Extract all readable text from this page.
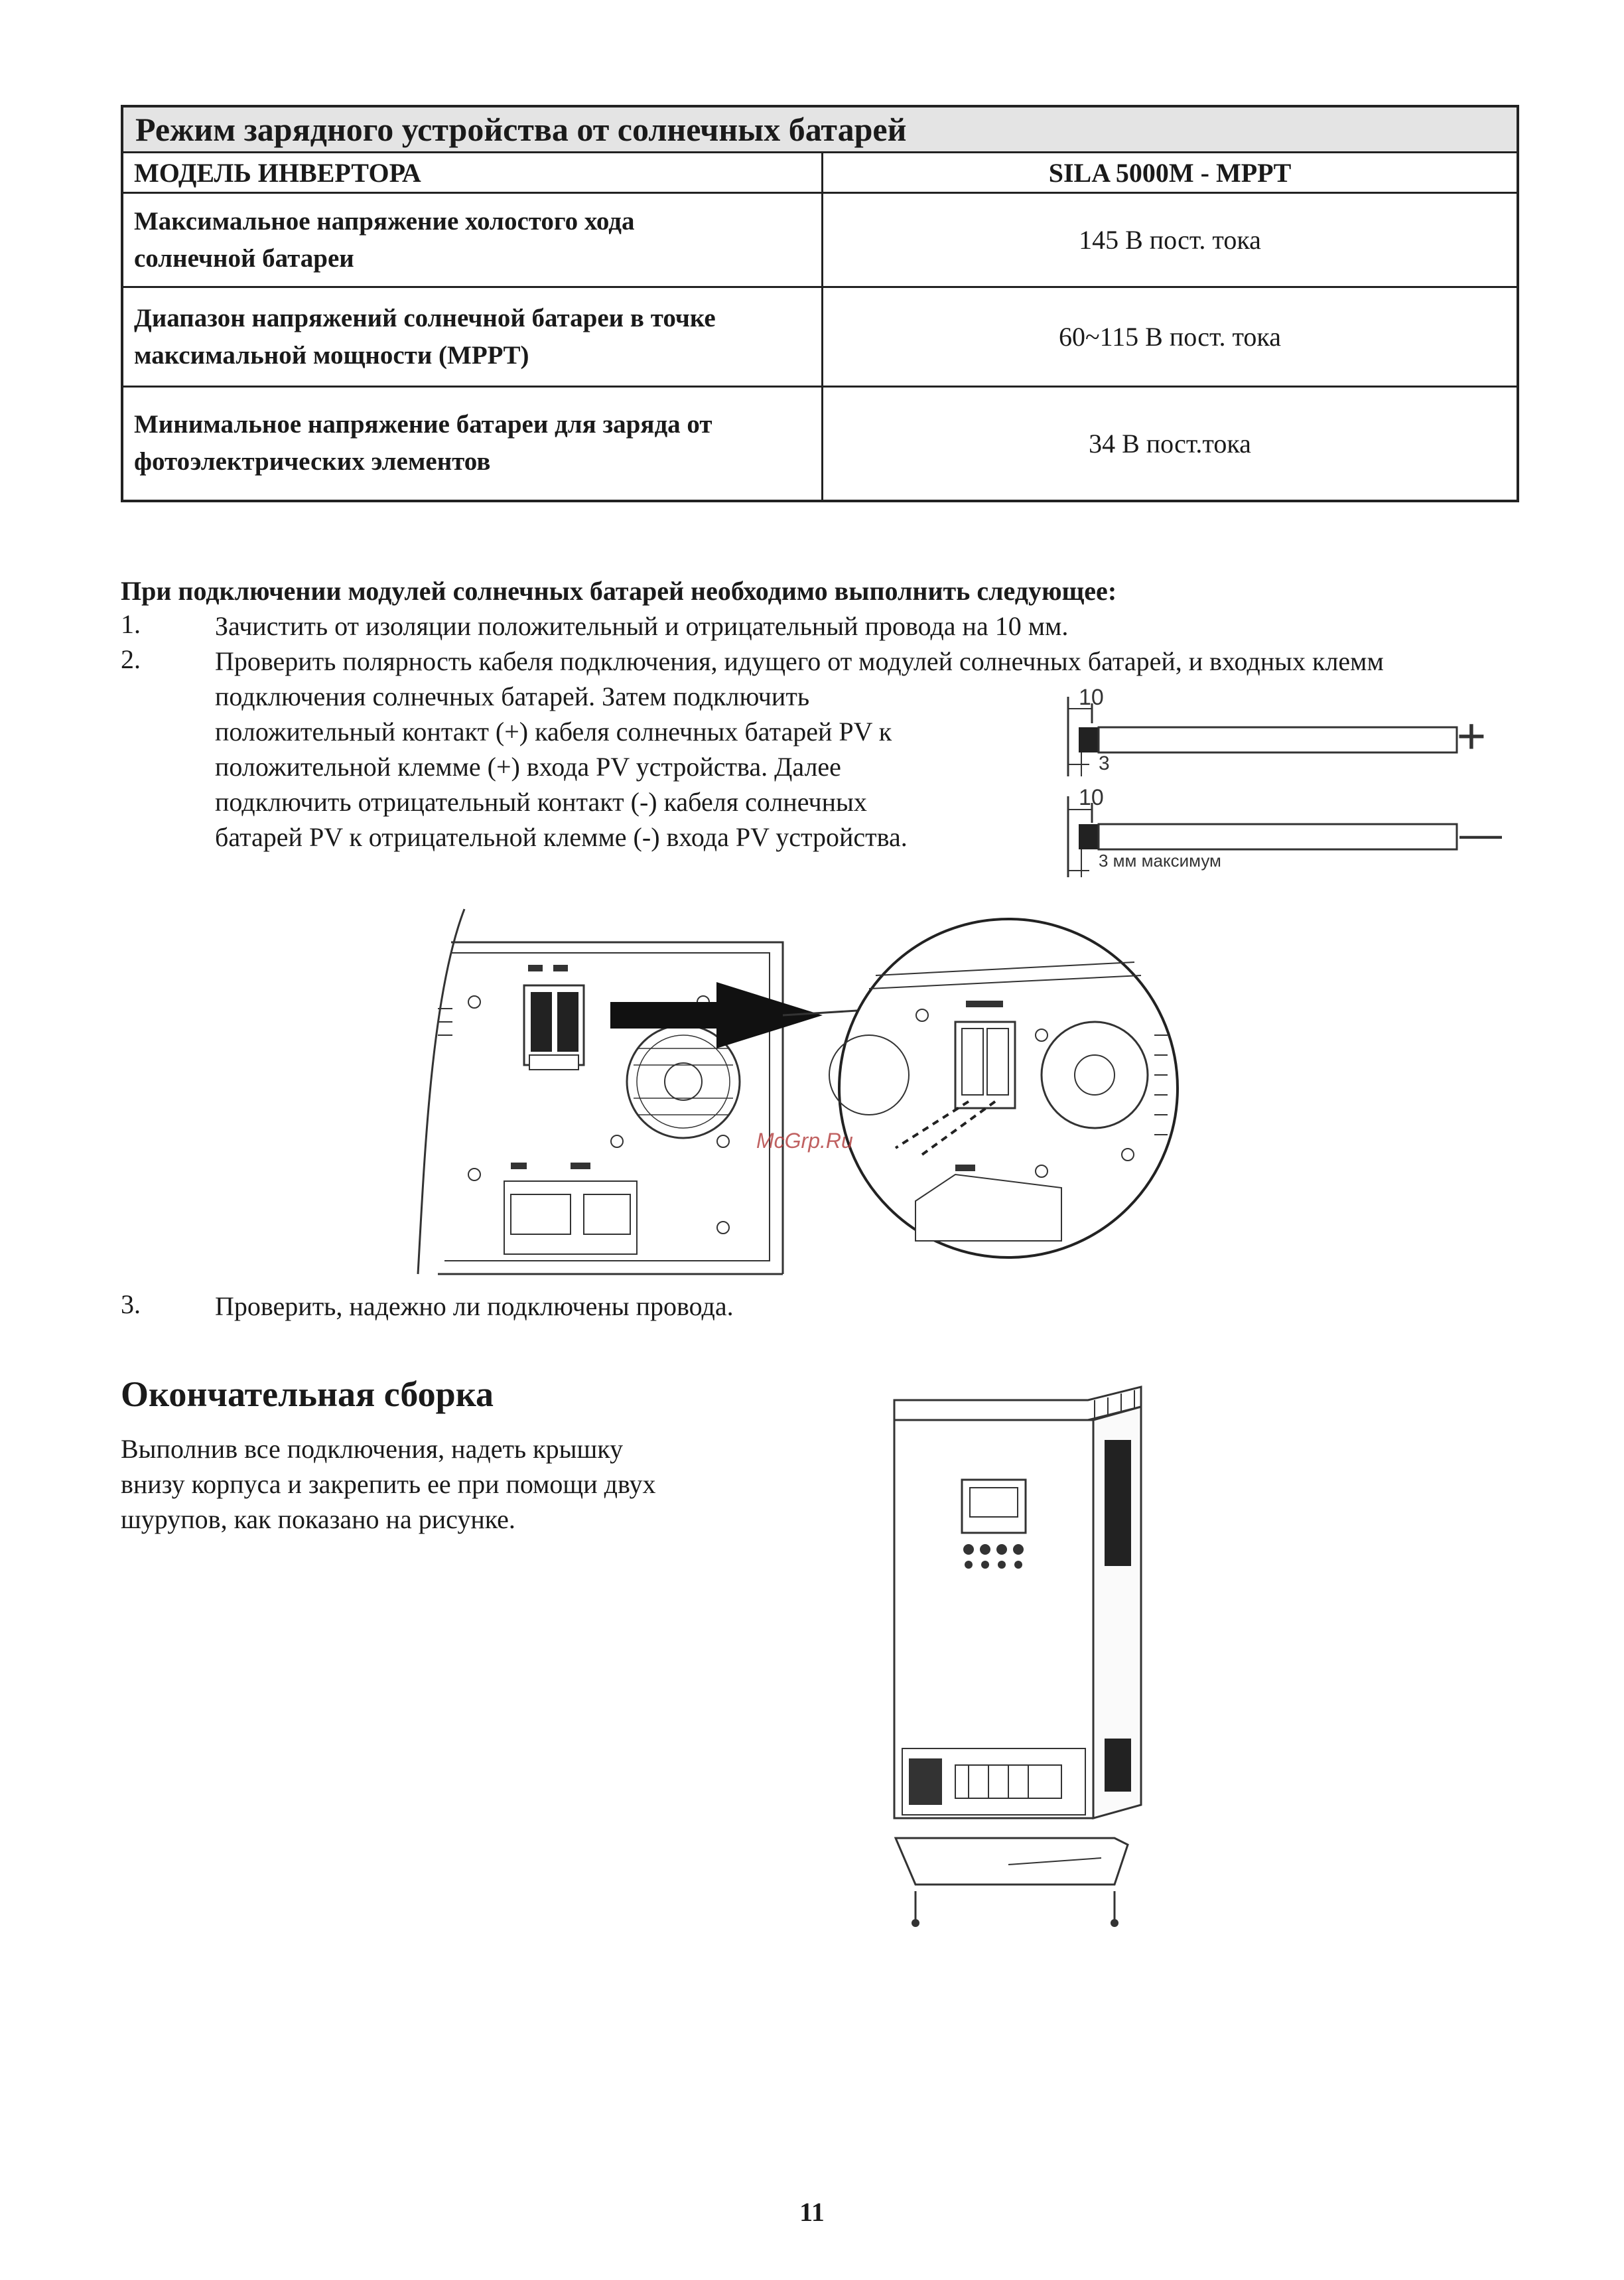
Режим зарядного устройства от солнечных батарей	
МОДЕЛЬ ИНВЕРТОРА	SILA 5000M - MPPT

Максимальное напряжение холостого хода
солнечной батареи	145 В пост. тока

Диапазон напряжений солнечной батареи в точке
максимальной мощности (MPPT)	60~115 В пост. тока

Минимальное напряжение батареи для заряда от
фотоэлектрических элементов	34 В пост.тока
При подключении модулей солнечных батарей необходимо выполнить следующее:
1.	Зачистить от изоляции положительный и отрицательный провода на 10 мм.
2.	Проверить полярность кабеля подключения, идущего от модулей солнечных батарей, и входных клемм
подключения солнечных батарей. Затем подключить
положительный контакт (+) кабеля солнечных батарей PV к
положительной клемме (+) входа PV устройства. Далее
подключить отрицательный контакт (-) кабеля солнечных
батарей PV к отрицательной клемме (-) входа PV устройства.
10
3	+
10
3 мм максимум
—
McGrp.Ru
3.	Проверить, надежно ли подключены провода.
Окончательная сборка
Выполнив все подключения, надеть крышку
внизу корпуса и закрепить ее при помощи двух
шурупов, как показано на рисунке.
11
